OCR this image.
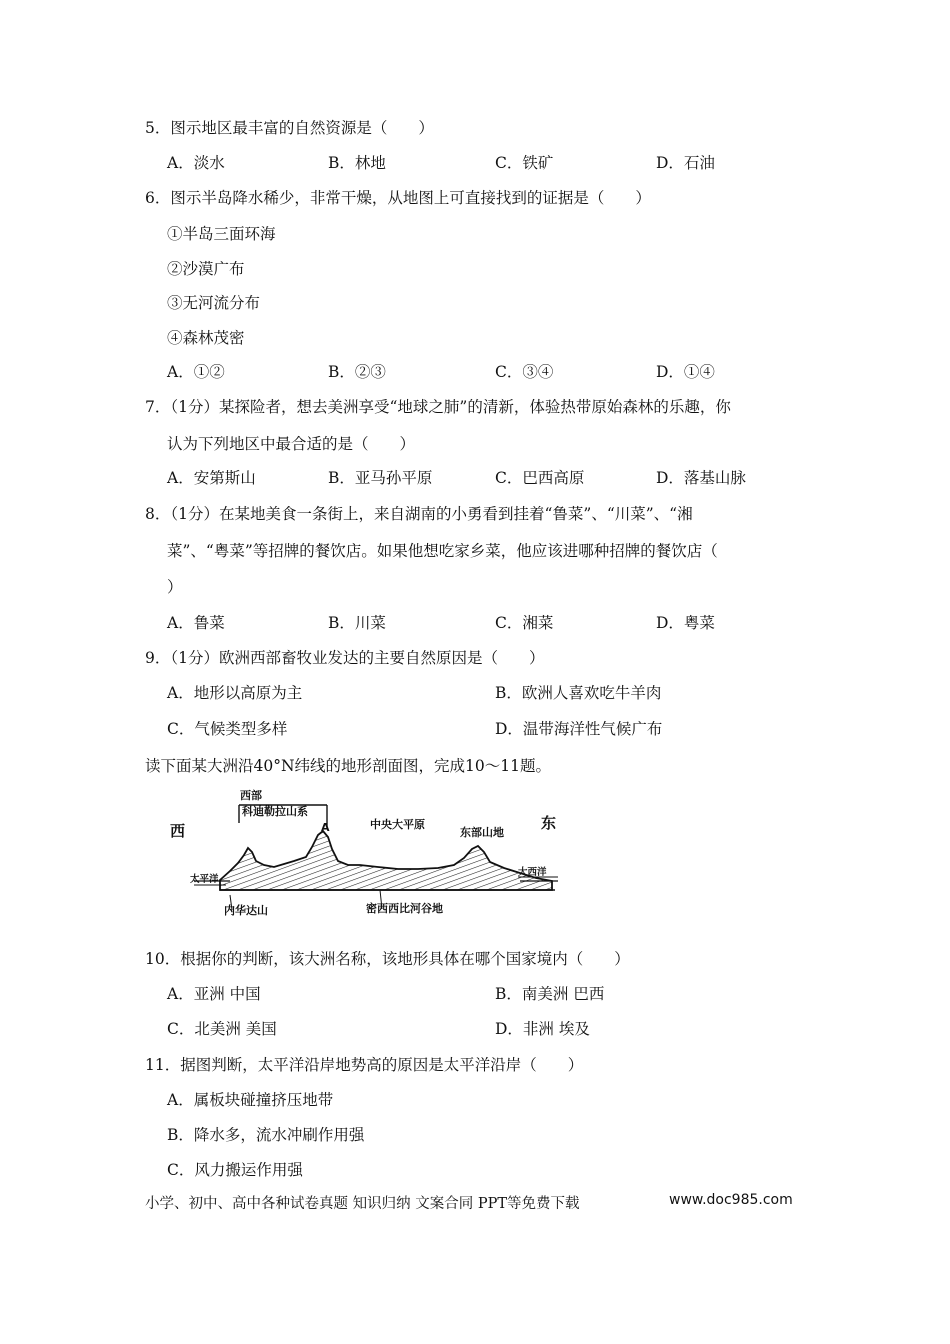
5．图示地区最丰富的自然资源是（　　）
A．淡水	B．林地	C．铁矿	D．石油
6．图示半岛降水稀少，非常干燥，从地图上可直接找到的证据是（　　）
①半岛三面环海
②沙漠广布
③无河流分布
④森林茂密
A．①②	B．②③	C．③④	D．①④
7．（1分）某探险者，想去美洲享受“地球之肺”的清新，体验热带原始森林的乐趣，你
认为下列地区中最合适的是（　　）
A．安第斯山	B．亚马孙平原	C．巴西高原	D．落基山脉
8．（1分）在某地美食一条街上，来自湖南的小勇看到挂着“鲁菜”、“川菜”、“湘
菜”、“粤菜”等招牌的餐饮店。如果他想吃家乡菜，他应该进哪种招牌的餐饮店（
）
A．鲁菜	B．川菜	C．湘菜	D．粤菜
9．（1分）欧洲西部畜牧业发达的主要自然原因是（　　）
A．地形以高原为主	B．欧洲人喜欢吃牛羊肉
C．气候类型多样	D．温带海洋性气候广布
读下面某大洲沿40°N纬线的地形剖面图，完成10～11题。
西	东
西部
科迪勒拉山系
A	中央大平原
东部山地
太平洋
大西洋
内华达山	密西西比河谷地
10．根据你的判断，该大洲名称，该地形具体在哪个国家境内（　　）
A．亚洲 中国	B．南美洲 巴西
C．北美洲 美国	D．非洲 埃及
11．据图判断，太平洋沿岸地势高的原因是太平洋沿岸（　　）
A．属板块碰撞挤压地带
B．降水多，流水冲刷作用强
C．风力搬运作用强
小学、初中、高中各种试卷真题 知识归纳 文案合同 PPT等免费下载	www.doc985.com
